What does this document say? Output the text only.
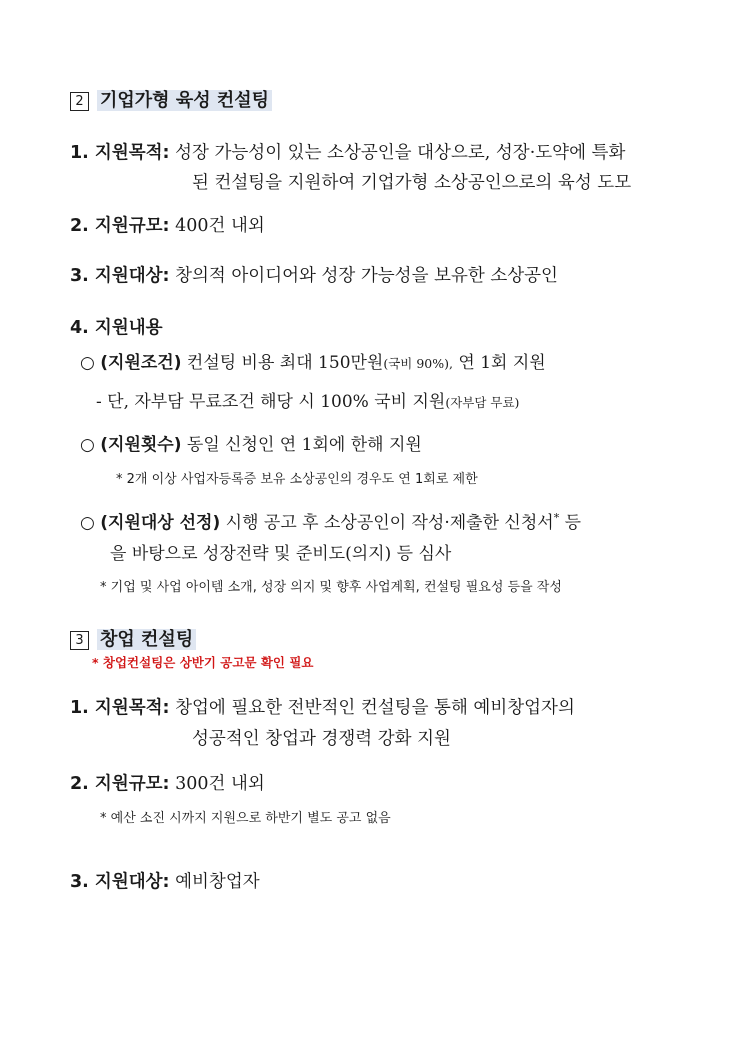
2 기업가형 육성 컨설팅
1. 지원목적: 성장 가능성이 있는 소상공인을 대상으로, 성장·도약에 특화
된 컨설팅을 지원하여 기업가형 소상공인으로의 육성 도모
2. 지원규모: 400건 내외
3. 지원대상: 창의적 아이디어와 성장 가능성을 보유한 소상공인
4. 지원내용
○ (지원조건) 컨설팅 비용 최대 150만원(국비 90%), 연 1회 지원
- 단, 자부담 무료조건 해당 시 100% 국비 지원(자부담 무료)
○ (지원횟수) 동일 신청인 연 1회에 한해 지원
* 2개 이상 사업자등록증 보유 소상공인의 경우도 연 1회로 제한
○ (지원대상 선정) 시행 공고 후 소상공인이 작성·제출한 신청서* 등
을 바탕으로 성장전략 및 준비도(의지) 등 심사
* 기업 및 사업 아이템 소개, 성장 의지 및 향후 사업계획, 컨설팅 필요성 등을 작성
3 창업 컨설팅
* 창업컨설팅은 상반기 공고문 확인 필요
1. 지원목적: 창업에 필요한 전반적인 컨설팅을 통해 예비창업자의
성공적인 창업과 경쟁력 강화 지원
2. 지원규모: 300건 내외
* 예산 소진 시까지 지원으로 하반기 별도 공고 없음
3. 지원대상: 예비창업자
